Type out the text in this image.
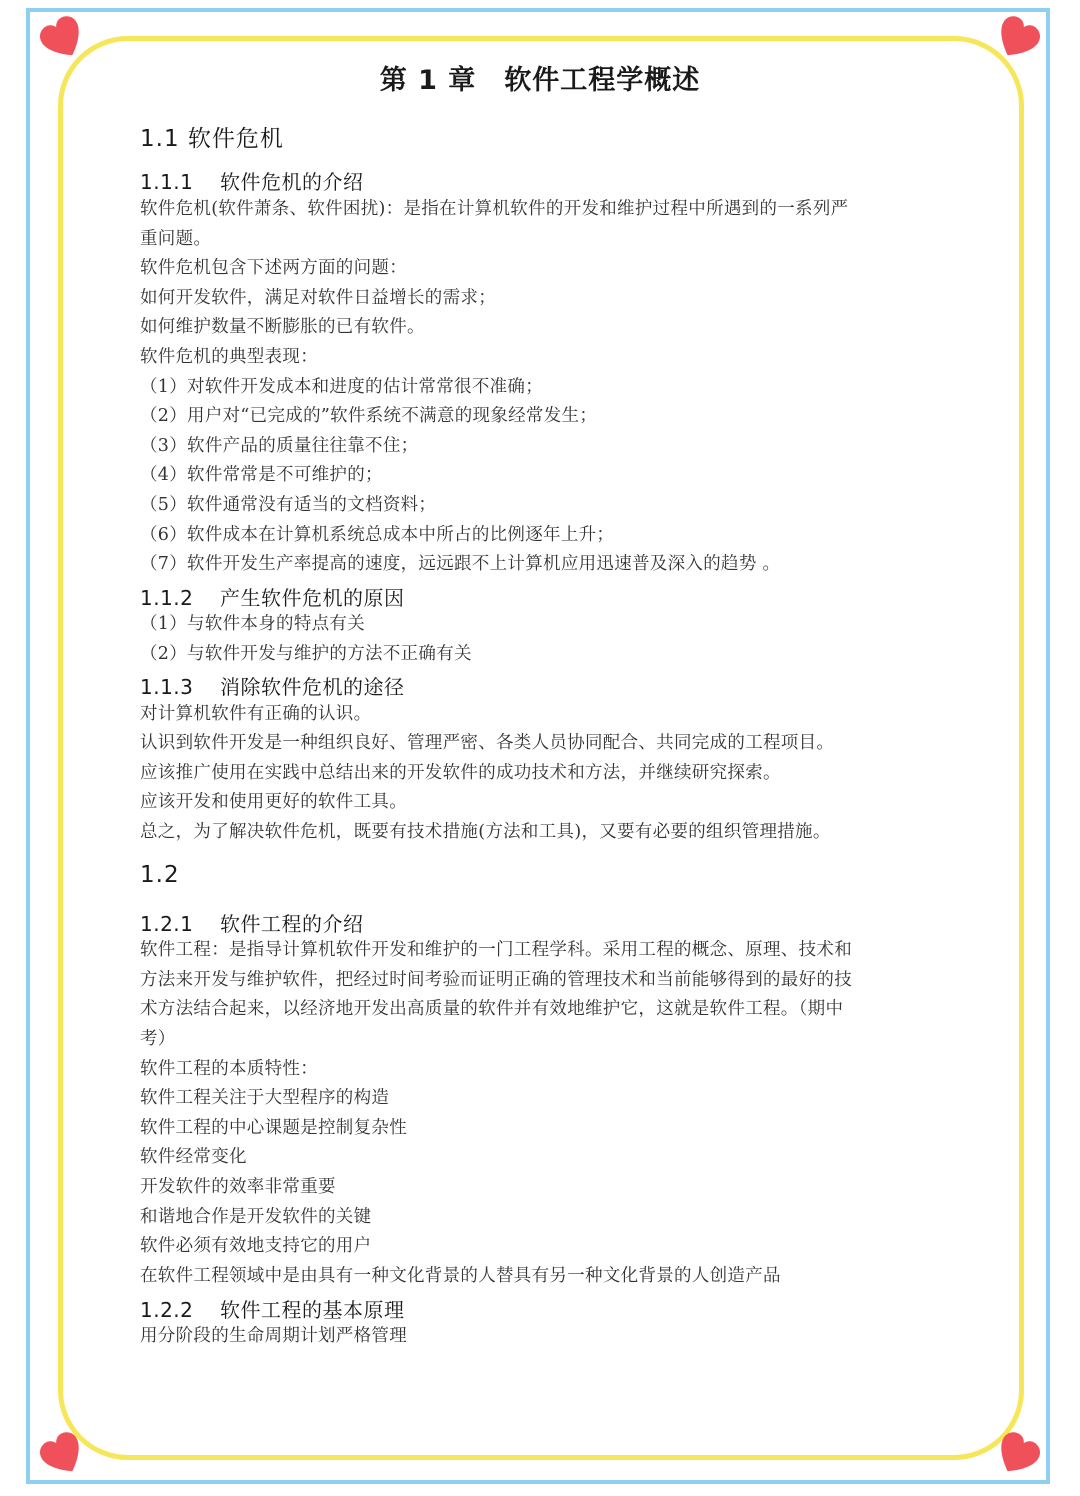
第 1 章　软件工程学概述
1.1 软件危机
1.1.1 软件危机的介绍
软件危机(软件萧条、软件困扰)：是指在计算机软件的开发和维护过程中所遇到的一系列严
重问题。
软件危机包含下述两方面的问题：
如何开发软件，满足对软件日益增长的需求；
如何维护数量不断膨胀的已有软件。
软件危机的典型表现：
（1）对软件开发成本和进度的估计常常很不准确；
（2）用户对“已完成的”软件系统不满意的现象经常发生；
（3）软件产品的质量往往靠不住；
（4）软件常常是不可维护的；
（5）软件通常没有适当的文档资料；
（6）软件成本在计算机系统总成本中所占的比例逐年上升；
（7）软件开发生产率提高的速度，远远跟不上计算机应用迅速普及深入的趋势 。
1.1.2 产生软件危机的原因
（1）与软件本身的特点有关
（2）与软件开发与维护的方法不正确有关
1.1.3 消除软件危机的途径
对计算机软件有正确的认识。
认识到软件开发是一种组织良好、管理严密、各类人员协同配合、共同完成的工程项目。
应该推广使用在实践中总结出来的开发软件的成功技术和方法，并继续研究探索。
应该开发和使用更好的软件工具。
总之，为了解决软件危机，既要有技术措施(方法和工具)，又要有必要的组织管理措施。
1.2
1.2.1 软件工程的介绍
软件工程：是指导计算机软件开发和维护的一门工程学科。采用工程的概念、原理、技术和
方法来开发与维护软件，把经过时间考验而证明正确的管理技术和当前能够得到的最好的技
术方法结合起来，以经济地开发出高质量的软件并有效地维护它，这就是软件工程。（期中
考）
软件工程的本质特性：
软件工程关注于大型程序的构造
软件工程的中心课题是控制复杂性
软件经常变化
开发软件的效率非常重要
和谐地合作是开发软件的关键
软件必须有效地支持它的用户
在软件工程领域中是由具有一种文化背景的人替具有另一种文化背景的人创造产品
1.2.2 软件工程的基本原理
用分阶段的生命周期计划严格管理
